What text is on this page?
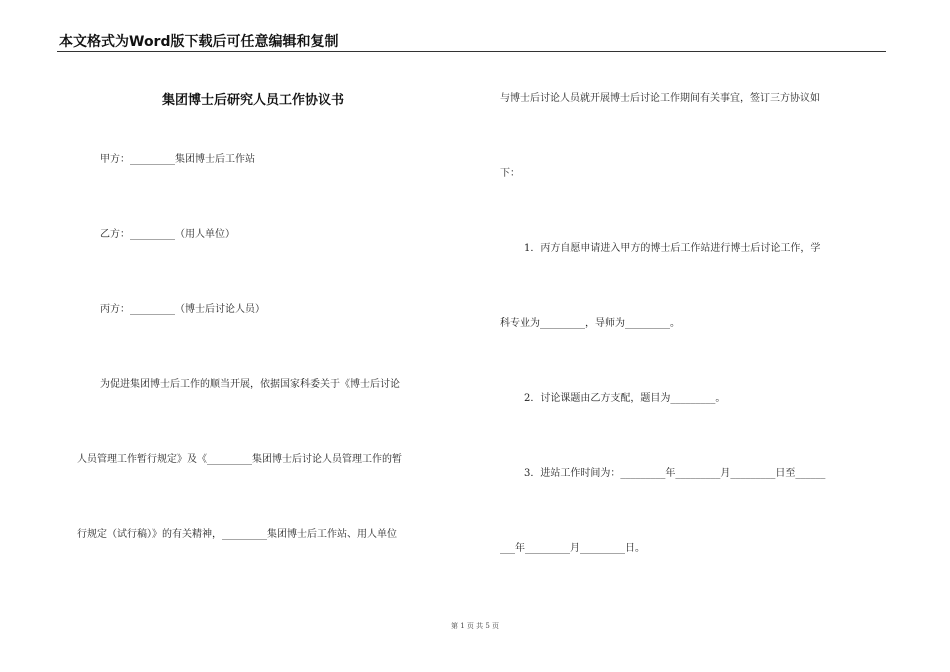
本文格式为Word版下载后可任意编辑和复制
集团博士后研究人员工作协议书
甲方：_________集团博士后工作站
乙方：_________（用人单位）
丙方：_________（博士后讨论人员）
为促进集团博士后工作的顺当开展，依据国家科委关于《博士后讨论
人员管理工作暂行规定》及《_________集团博士后讨论人员管理工作的暂
行规定（试行稿）》的有关精神，_________集团博士后工作站、用人单位
与博士后讨论人员就开展博士后讨论工作期间有关事宜，签订三方协议如
下：
1．丙方自愿申请进入甲方的博士后工作站进行博士后讨论工作，学
科专业为_________，导师为_________。
2．讨论课题由乙方支配，题目为_________。
3．进站工作时间为：_________年_________月_________日至______
___年_________月_________日。
第 1 页 共 5 页
